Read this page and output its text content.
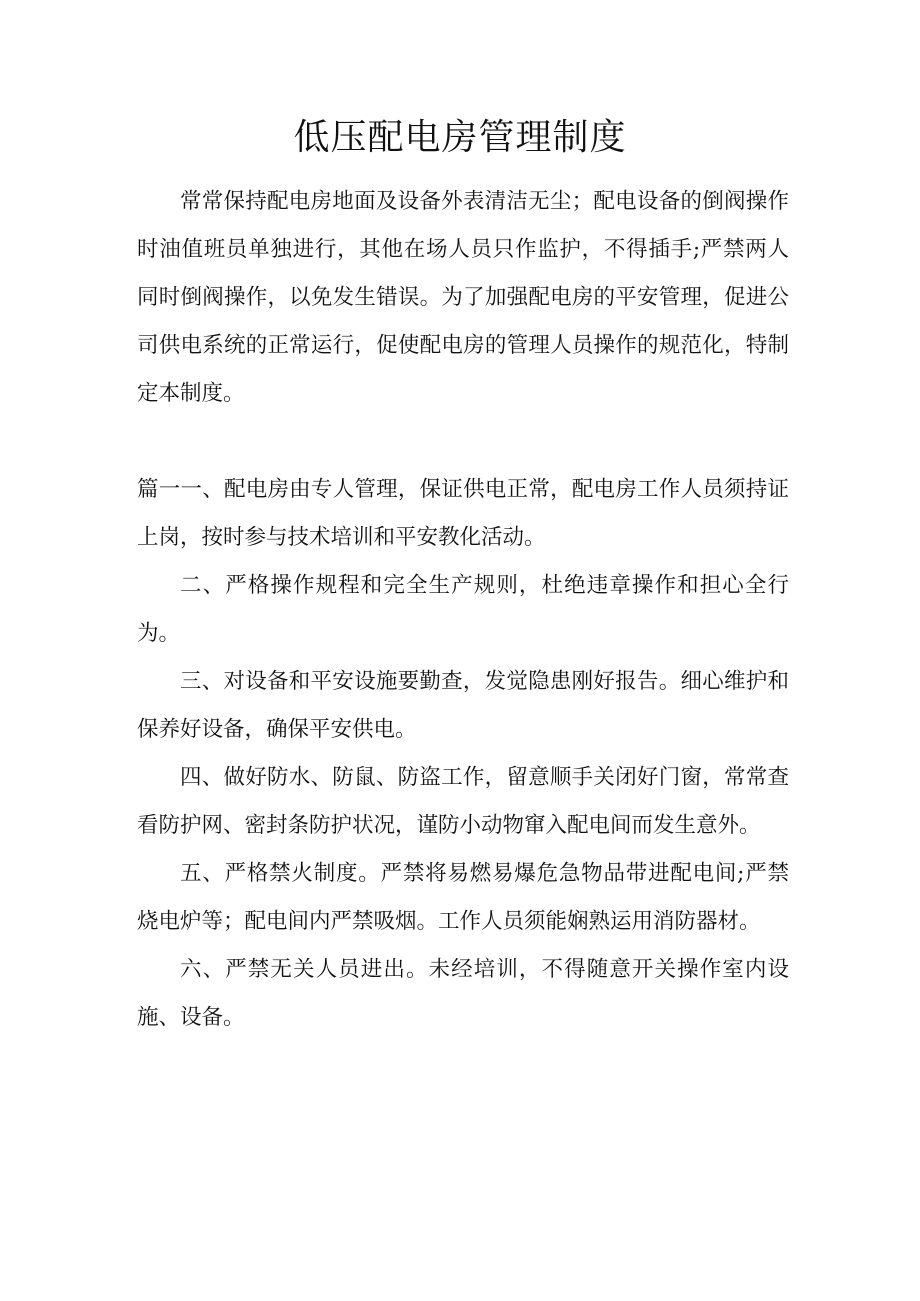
低压配电房管理制度

常常保持配电房地面及设备外表清洁无尘；配电设备的倒阀操作时油值班员单独进行，其他在场人员只作监护，不得插手;严禁两人同时倒阀操作，以免发生错误。为了加强配电房的平安管理，促进公司供电系统的正常运行，促使配电房的管理人员操作的规范化，特制定本制度。

篇一一、配电房由专人管理，保证供电正常，配电房工作人员须持证上岗，按时参与技术培训和平安教化活动。

二、严格操作规程和完全生产规则，杜绝违章操作和担心全行为。

三、对设备和平安设施要勤查，发觉隐患刚好报告。细心维护和保养好设备，确保平安供电。

四、做好防水、防鼠、防盗工作，留意顺手关闭好门窗，常常查看防护网、密封条防护状况，谨防小动物窜入配电间而发生意外。

五、严格禁火制度。严禁将易燃易爆危急物品带进配电间;严禁烧电炉等；配电间内严禁吸烟。工作人员须能娴熟运用消防器材。

六、严禁无关人员进出。未经培训，不得随意开关操作室内设施、设备。
